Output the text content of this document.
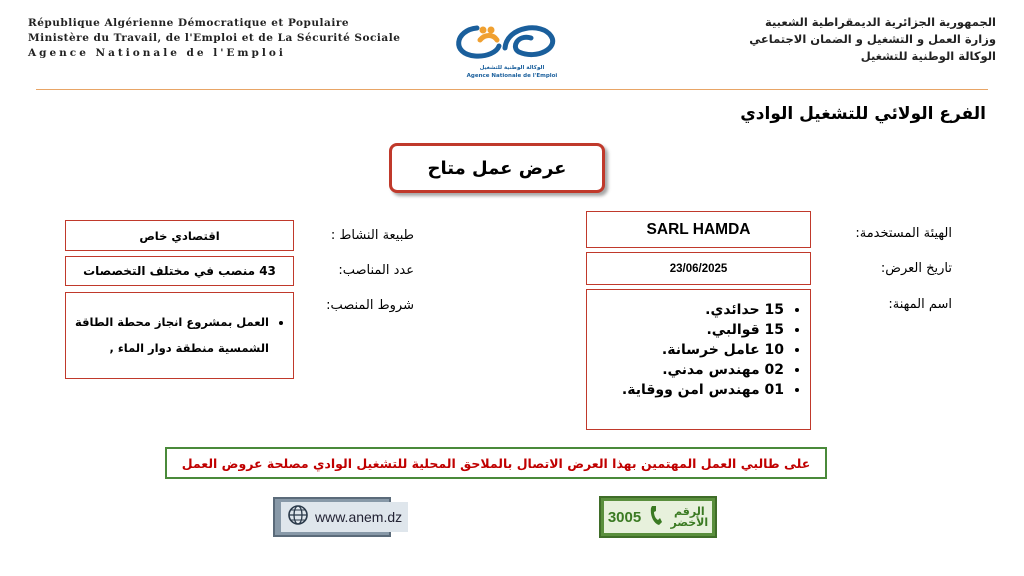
République Algérienne Démocratique et Populaire
Ministère du Travail, de l'Emploi et de La Sécurité Sociale
Agence Nationale de l'Emploi
الوكالة الوطنية للتشغيل
Agence Nationale de l'Emploi
الجمهورية الجزائرية الديمقراطية الشعبية
وزارة العمل و التشغيل و الضمان الاجتماعي
الوكالة الوطنية للتشغيل
الفرع الولائي للتشغيل الوادي
عرض عمل متاح
الهيئة المستخدمة:
SARL HAMDA
تاريخ العرض:
23/06/2025
اسم المهنة:
• 15 حدائدي.
• 15 قوالبي.
• 10 عامل خرسانة.
• 02 مهندس مدني.
• 01 مهندس امن ووقاية.
طبيعة النشاط :
اقتصادي خاص
عدد المناصب:
43 منصب في مختلف التخصصات
شروط المنصب:
• العمل بمشروع انجاز محطة الطاقة الشمسية منطقة دوار الماء ,
على طالبي العمل المهتمين بهذا العرض الاتصال بالملاحق المحلية للتشغيل الوادي مصلحة عروض العمل
www.anem.dz	3005	الرقم
الأخضر
